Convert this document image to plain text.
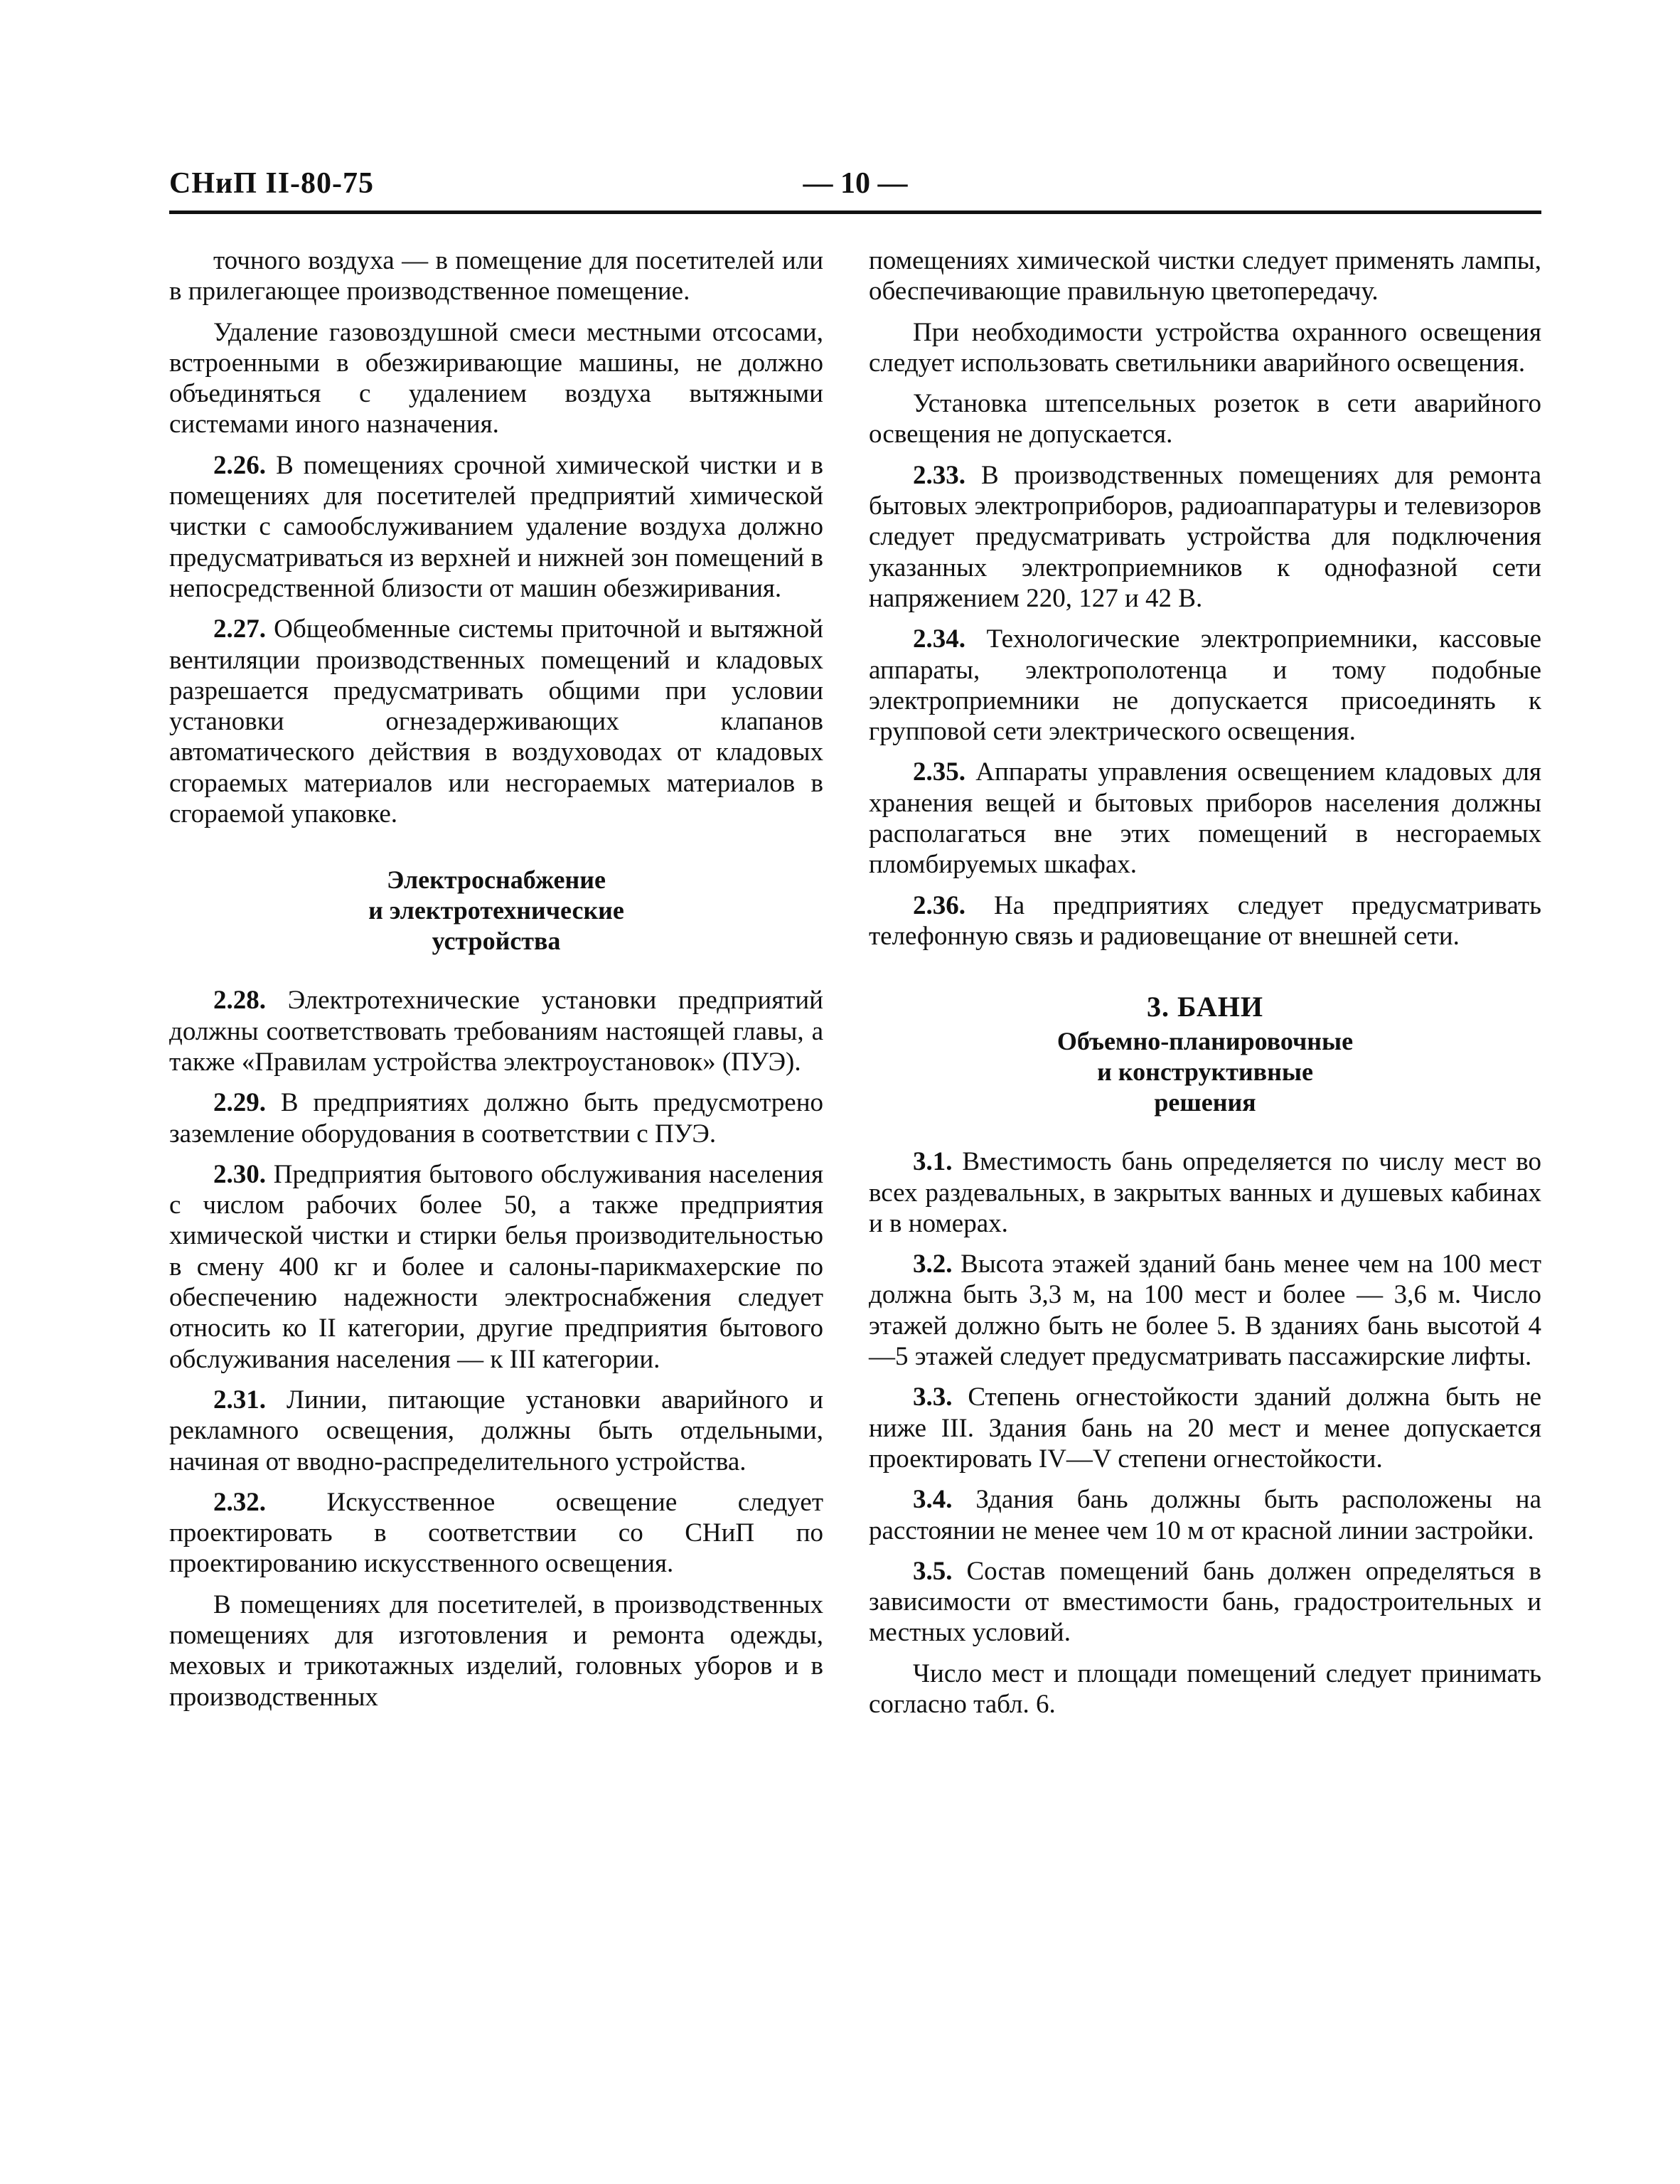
СНиП II-80-75	— 10 —

точного воздуха — в помещение для посетителей или в прилегающее производственное помещение.

Удаление газовоздушной смеси местными отсосами, встроенными в обезжиривающие машины, не должно объединяться с удалением воздуха вытяжными системами иного назначения.

2.26. В помещениях срочной химической чистки и в помещениях для посетителей предприятий химической чистки с самообслуживанием удаление воздуха должно предусматриваться из верхней и нижней зон помещений в непосредственной близости от машин обезжиривания.

2.27. Общеобменные системы приточной и вытяжной вентиляции производственных помещений и кладовых разрешается предусматривать общими при условии установки огнезадерживающих клапанов автоматического действия в воздуховодах от кладовых сгораемых материалов или несгораемых материалов в сгораемой упаковке.

Электроснабжение
и электротехнические
устройства

2.28. Электротехнические установки предприятий должны соответствовать требованиям настоящей главы, а также «Правилам устройства электроустановок» (ПУЭ).

2.29. В предприятиях должно быть предусмотрено заземление оборудования в соответствии с ПУЭ.

2.30. Предприятия бытового обслуживания населения с числом рабочих более 50, а также предприятия химической чистки и стирки белья производительностью в смену 400 кг и более и салоны-парикмахерские по обеспечению надежности электроснабжения следует относить ко II категории, другие предприятия бытового обслуживания населения — к III категории.

2.31. Линии, питающие установки аварийного и рекламного освещения, должны быть отдельными, начиная от вводно-распределительного устройства.

2.32. Искусственное освещение следует проектировать в соответствии со СНиП по проектированию искусственного освещения.

В помещениях для посетителей, в производственных помещениях для изготовления и ремонта одежды, меховых и трикотажных изделий, головных уборов и в производственных

помещениях химической чистки следует применять лампы, обеспечивающие правильную цветопередачу.

При необходимости устройства охранного освещения следует использовать светильники аварийного освещения.

Установка штепсельных розеток в сети аварийного освещения не допускается.

2.33. В производственных помещениях для ремонта бытовых электроприборов, радиоаппаратуры и телевизоров следует предусматривать устройства для подключения указанных электроприемников к однофазной сети напряжением 220, 127 и 42 В.

2.34. Технологические электроприемники, кассовые аппараты, электрополотенца и тому подобные электроприемники не допускается присоединять к групповой сети электрического освещения.

2.35. Аппараты управления освещением кладовых для хранения вещей и бытовых приборов населения должны располагаться вне этих помещений в несгораемых пломбируемых шкафах.

2.36. На предприятиях следует предусматривать телефонную связь и радиовещание от внешней сети.

3. БАНИ
Объемно-планировочные
и конструктивные
решения

3.1. Вместимость бань определяется по числу мест во всех раздевальных, в закрытых ванных и душевых кабинах и в номерах.

3.2. Высота этажей зданий бань менее чем на 100 мест должна быть 3,3 м, на 100 мест и более — 3,6 м. Число этажей должно быть не более 5. В зданиях бань высотой 4—5 этажей следует предусматривать пассажирские лифты.

3.3. Степень огнестойкости зданий должна быть не ниже III. Здания бань на 20 мест и менее допускается проектировать IV—V степени огнестойкости.

3.4. Здания бань должны быть расположены на расстоянии не менее чем 10 м от красной линии застройки.

3.5. Состав помещений бань должен определяться в зависимости от вместимости бань, градостроительных и местных условий.

Число мест и площади помещений следует принимать согласно табл. 6.
